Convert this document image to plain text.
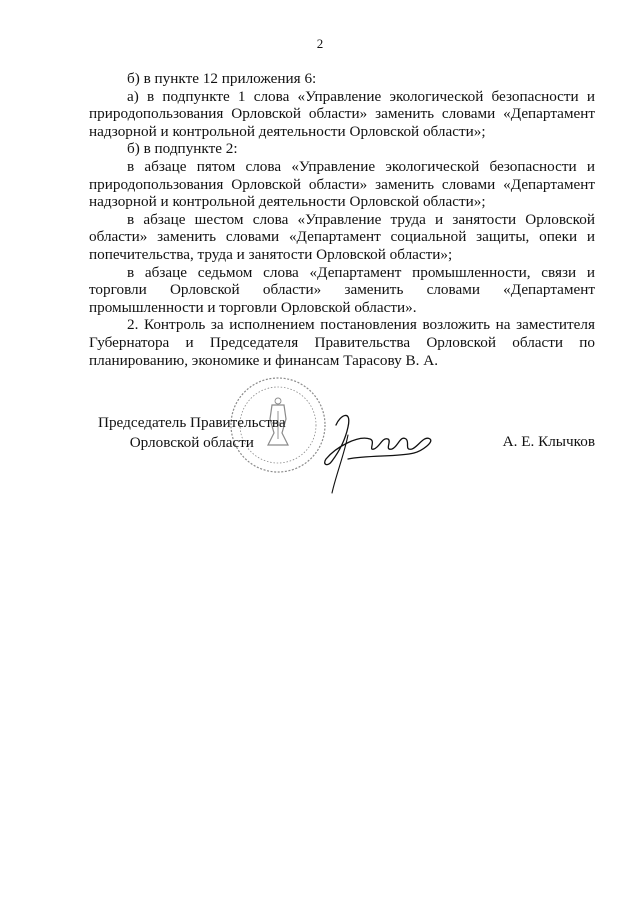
2

б) в пункте 12 приложения 6:

а) в подпункте 1 слова «Управление экологической безопасности и природопользования Орловской области» заменить словами «Департамент надзорной и контрольной деятельности Орловской области»;

б) в подпункте 2:

в абзаце пятом слова «Управление экологической безопасности и природопользования Орловской области» заменить словами «Департамент надзорной и контрольной деятельности Орловской области»;

в абзаце шестом слова «Управление труда и занятости Орловской области» заменить словами «Департамент социальной защиты, опеки и попечительства, труда и занятости Орловской области»;

в абзаце седьмом слова «Департамент промышленности, связи и торговли Орловской области» заменить словами «Департамент промышленности и торговли Орловской области».

2. Контроль за исполнением постановления возложить на заместителя Губернатора и Председателя Правительства Орловской области по планированию, экономике и финансам Тарасову В. А.

Председатель Правительства
Орловской области	А. Е. Клычков
